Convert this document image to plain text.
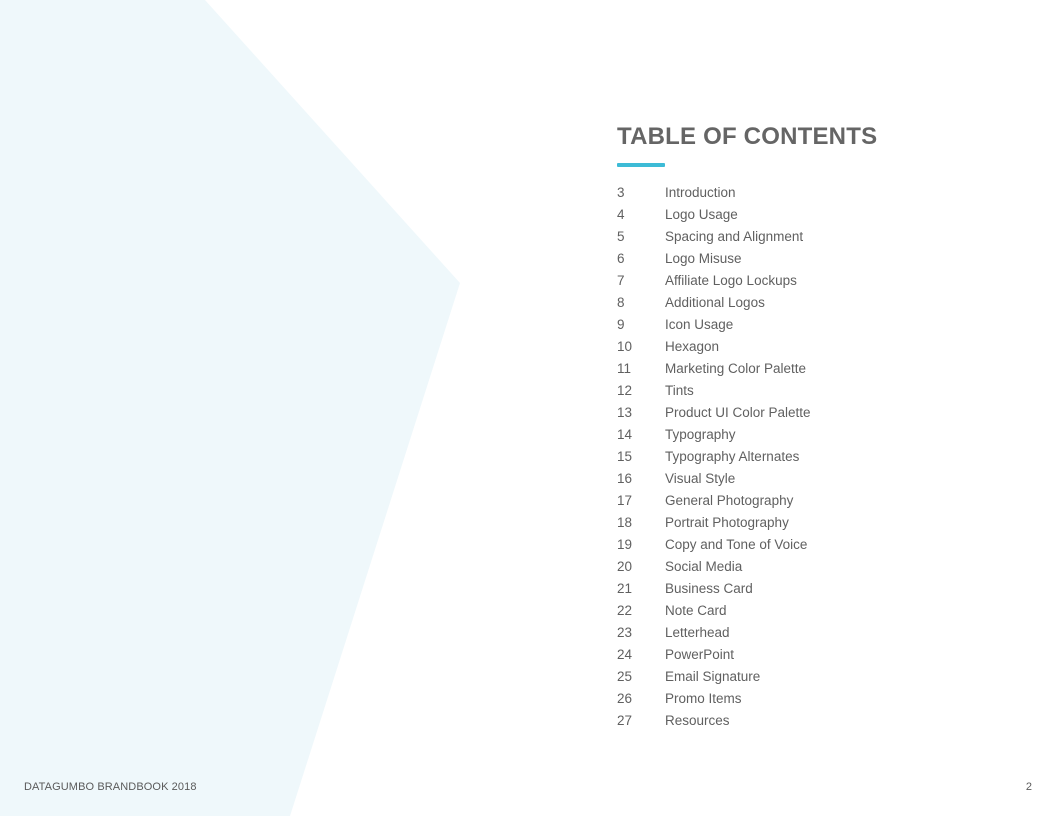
TABLE OF CONTENTS
3	Introduction
4	Logo Usage
5	Spacing and Alignment
6	Logo Misuse
7	Affiliate Logo Lockups
8	Additional Logos
9	Icon Usage
10	Hexagon
11	Marketing Color Palette
12	Tints
13	Product UI Color Palette
14	Typography
15	Typography Alternates
16	Visual Style
17	General Photography
18	Portrait Photography
19	Copy and Tone of Voice
20	Social Media
21	Business Card
22	Note Card
23	Letterhead
24	PowerPoint
25	Email Signature
26	Promo Items
27	Resources
DATAGUMBO BRANDBOOK 2018	2
